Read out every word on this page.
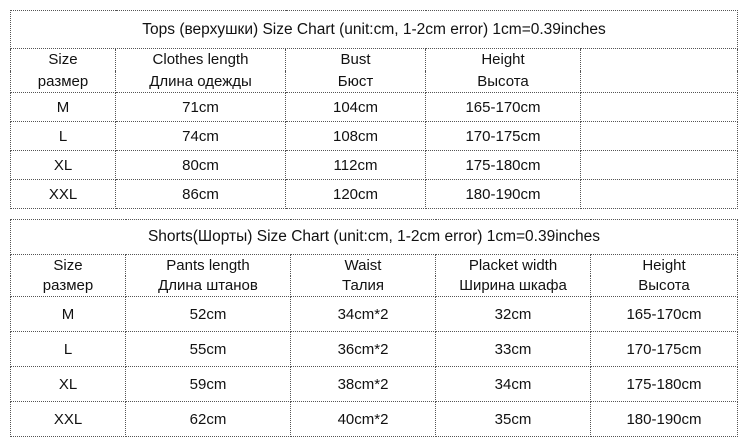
Tops (верхушки) Size Chart (unit:cm, 1-2cm error) 1cm=0.39inches				
Size	Clothes length	Bust	Height	
размер	Длина одежды	Бюст	Высота	
M	71cm	104cm	165-170cm	
L	74cm	108cm	170-175cm	
XL	80cm	112cm	175-180cm	
XXL	86cm	120cm	180-190cm	
Shorts(Шорты) Size Chart (unit:cm, 1-2cm error) 1cm=0.39inches				
Size	Pants length	Waist	Placket width	Height
размер	Длина штанов	Талия	Ширина шкафа	Высота
M	52cm	34cm*2	32cm	165-170cm
L	55cm	36cm*2	33cm	170-175cm
XL	59cm	38cm*2	34cm	175-180cm
XXL	62cm	40cm*2	35cm	180-190cm
